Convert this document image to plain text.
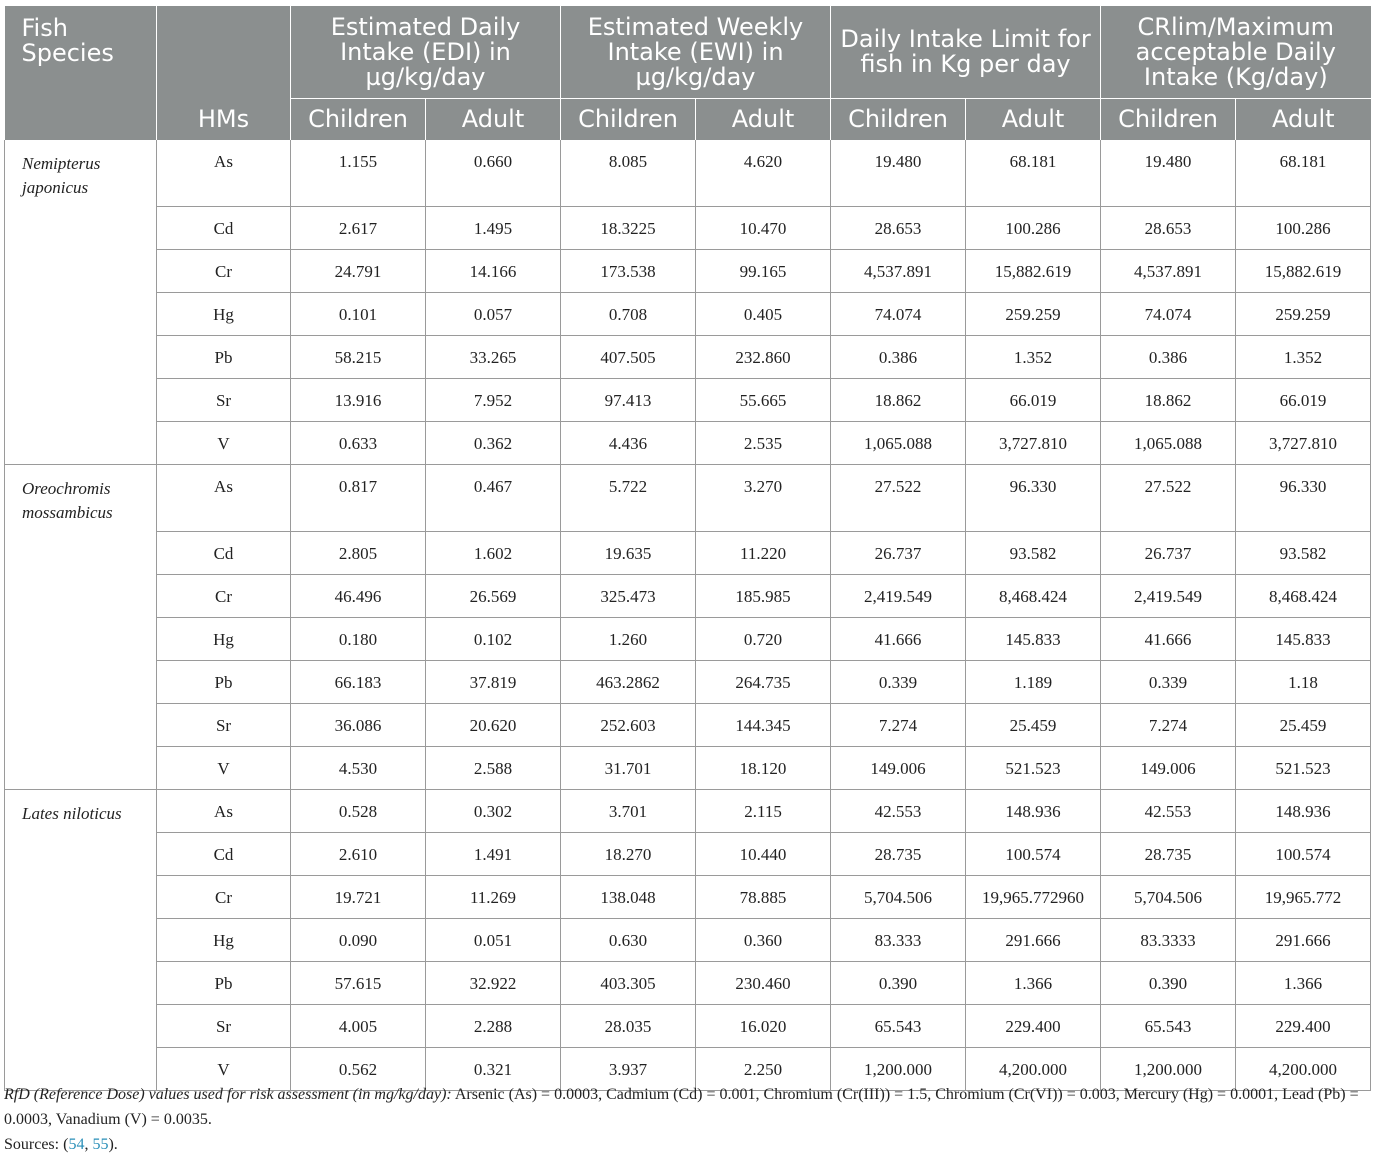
Fish Species		Estimated Daily Intake (EDI) in µg/kg/day		Estimated Weekly Intake (EWI) in µg/kg/day		Daily Intake Limit for fish in Kg per day		CRlim/Maximum acceptable Daily Intake (Kg/day)	
	HMs	Children	Adult	Children	Adult	Children	Adult	Children	Adult
Nemipterus japonicus	As	1.155	0.660	8.085	4.620	19.480	68.181	19.480	68.181
	Cd	2.617	1.495	18.3225	10.470	28.653	100.286	28.653	100.286
	Cr	24.791	14.166	173.538	99.165	4,537.891	15,882.619	4,537.891	15,882.619
	Hg	0.101	0.057	0.708	0.405	74.074	259.259	74.074	259.259
	Pb	58.215	33.265	407.505	232.860	0.386	1.352	0.386	1.352
	Sr	13.916	7.952	97.413	55.665	18.862	66.019	18.862	66.019
	V	0.633	0.362	4.436	2.535	1,065.088	3,727.810	1,065.088	3,727.810
Oreochromis mossambicus	As	0.817	0.467	5.722	3.270	27.522	96.330	27.522	96.330
	Cd	2.805	1.602	19.635	11.220	26.737	93.582	26.737	93.582
	Cr	46.496	26.569	325.473	185.985	2,419.549	8,468.424	2,419.549	8,468.424
	Hg	0.180	0.102	1.260	0.720	41.666	145.833	41.666	145.833
	Pb	66.183	37.819	463.2862	264.735	0.339	1.189	0.339	1.18
	Sr	36.086	20.620	252.603	144.345	7.274	25.459	7.274	25.459
	V	4.530	2.588	31.701	18.120	149.006	521.523	149.006	521.523
Lates niloticus	As	0.528	0.302	3.701	2.115	42.553	148.936	42.553	148.936
	Cd	2.610	1.491	18.270	10.440	28.735	100.574	28.735	100.574
	Cr	19.721	11.269	138.048	78.885	5,704.506	19,965.772960	5,704.506	19,965.772
	Hg	0.090	0.051	0.630	0.360	83.333	291.666	83.3333	291.666
	Pb	57.615	32.922	403.305	230.460	0.390	1.366	0.390	1.366
	Sr	4.005	2.288	28.035	16.020	65.543	229.400	65.543	229.400
	V	0.562	0.321	3.937	2.250	1,200.000	4,200.000	1,200.000	4,200.000

RfD (Reference Dose) values used for risk assessment (in mg/kg/day): Arsenic (As) = 0.0003, Cadmium (Cd) = 0.001, Chromium (Cr(III)) = 1.5, Chromium (Cr(VI)) = 0.003, Mercury (Hg) = 0.0001, Lead (Pb) = 0.0003, Vanadium (V) = 0.0035.

Sources: (54, 55).
